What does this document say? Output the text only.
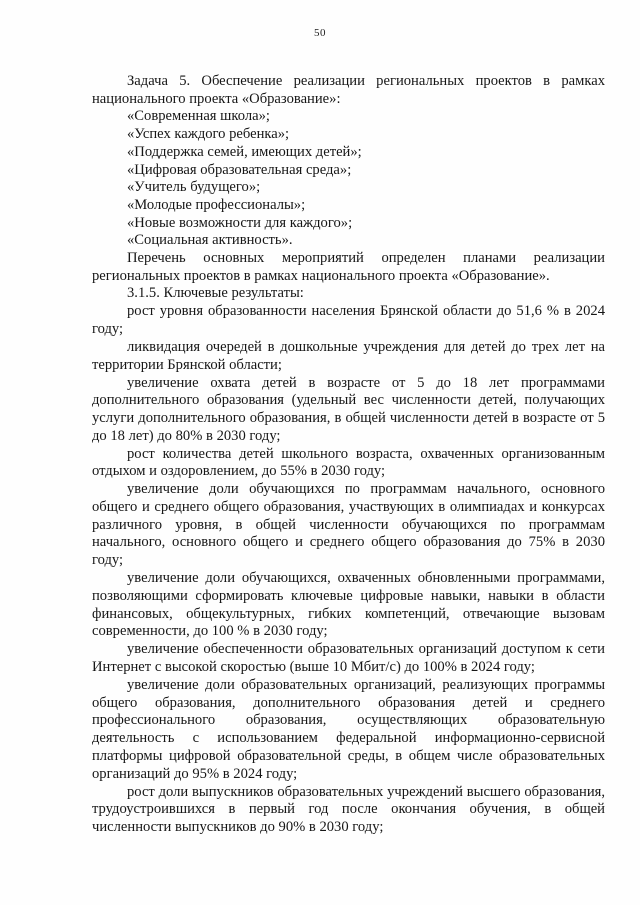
50

Задача 5. Обеспечение реализации региональных проектов в рамках национального проекта «Образование»:

«Современная школа»;
«Успех каждого ребенка»;
«Поддержка семей, имеющих детей»;
«Цифровая образовательная среда»;
«Учитель будущего»;
«Молодые профессионалы»;
«Новые возможности для каждого»;
«Социальная активность».

Перечень основных мероприятий определен планами реализации региональных проектов в рамках национального проекта «Образование».

3.1.5. Ключевые результаты:

рост уровня образованности населения Брянской области до 51,6 % в 2024 году;

ликвидация очередей в дошкольные учреждения для детей до трех лет на территории Брянской области;

увеличение охвата детей в возрасте от 5 до 18 лет программами дополнительного образования (удельный вес численности детей, получающих услуги дополнительного образования, в общей численности детей в возрасте от 5 до 18 лет) до 80% в 2030 году;

рост количества детей школьного возраста, охваченных организованным отдыхом и оздоровлением, до 55% в 2030 году;

увеличение доли обучающихся по программам начального, основного общего и среднего общего образования, участвующих в олимпиадах и конкурсах различного уровня, в общей численности обучающихся по программам начального, основного общего и среднего общего образования до 75% в 2030 году;

увеличение доли обучающихся, охваченных обновленными программами, позволяющими сформировать ключевые цифровые навыки, навыки в области финансовых, общекультурных, гибких компетенций, отвечающие вызовам современности, до 100 % в 2030 году;

увеличение обеспеченности образовательных организаций доступом к сети Интернет с высокой скоростью (выше 10 Мбит/с) до 100% в 2024 году;

увеличение доли образовательных организаций, реализующих программы общего образования, дополнительного образования детей и среднего профессионального образования, осуществляющих образовательную деятельность с использованием федеральной информационно-сервисной платформы цифровой образовательной среды, в общем числе образовательных организаций до 95% в 2024 году;

рост доли выпускников образовательных учреждений высшего образования, трудоустроившихся в первый год после окончания обучения, в общей численности выпускников до 90% в 2030 году;
